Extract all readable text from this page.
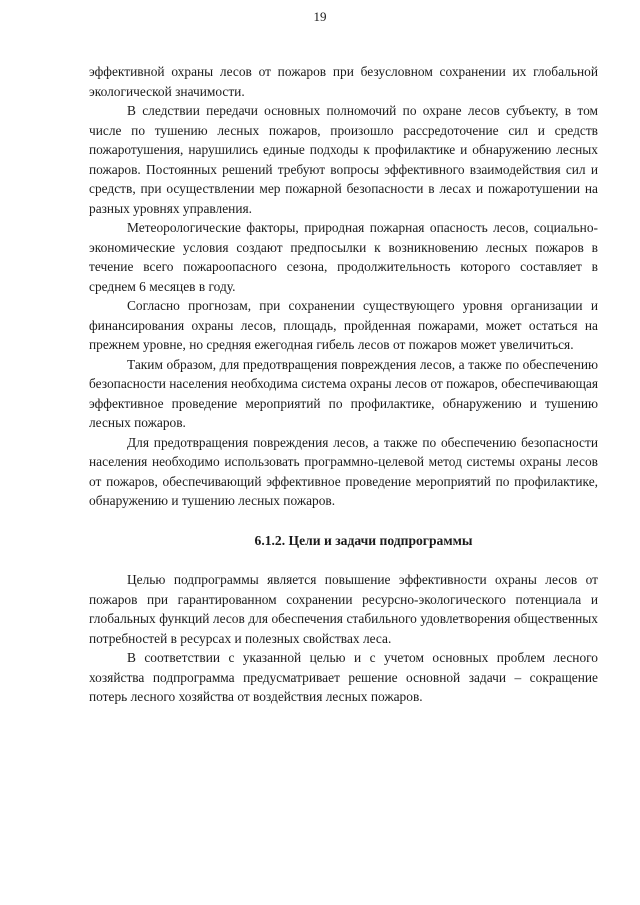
19

эффективной охраны лесов от пожаров при безусловном сохранении их глобальной экологической значимости.

В следствии передачи основных полномочий по охране лесов субъекту, в том числе по тушению лесных пожаров, произошло рассредоточение сил и средств пожаротушения, нарушились единые подходы к профилактике и обнаружению лесных пожаров. Постоянных решений требуют вопросы эффективного взаимодействия сил и средств, при осуществлении мер пожарной безопасности в лесах и пожаротушении на разных уровнях управления.

Метеорологические факторы, природная пожарная опасность лесов, социально-экономические условия создают предпосылки к возникновению лесных пожаров в течение всего пожароопасного сезона, продолжительность которого составляет в среднем 6 месяцев в году.

Согласно прогнозам, при сохранении существующего уровня организации и финансирования охраны лесов, площадь, пройденная пожарами, может остаться на прежнем уровне, но средняя ежегодная гибель лесов от пожаров может увеличиться.

Таким образом, для предотвращения повреждения лесов, а также по обеспечению безопасности населения необходима система охраны лесов от пожаров, обеспечивающая эффективное проведение мероприятий по профилактике, обнаружению и тушению лесных пожаров.

Для предотвращения повреждения лесов, а также по обеспечению безопасности населения необходимо использовать программно-целевой метод системы охраны лесов от пожаров, обеспечивающий эффективное проведение мероприятий по профилактике, обнаружению и тушению лесных пожаров.

6.1.2. Цели и задачи подпрограммы

Целью подпрограммы является повышение эффективности охраны лесов от пожаров при гарантированном сохранении ресурсно-экологического потенциала и глобальных функций лесов для обеспечения стабильного удовлетворения общественных потребностей в ресурсах и полезных свойствах леса.

В соответствии с указанной целью и с учетом основных проблем лесного хозяйства подпрограмма предусматривает решение основной задачи – сокращение потерь лесного хозяйства от воздействия лесных пожаров.
